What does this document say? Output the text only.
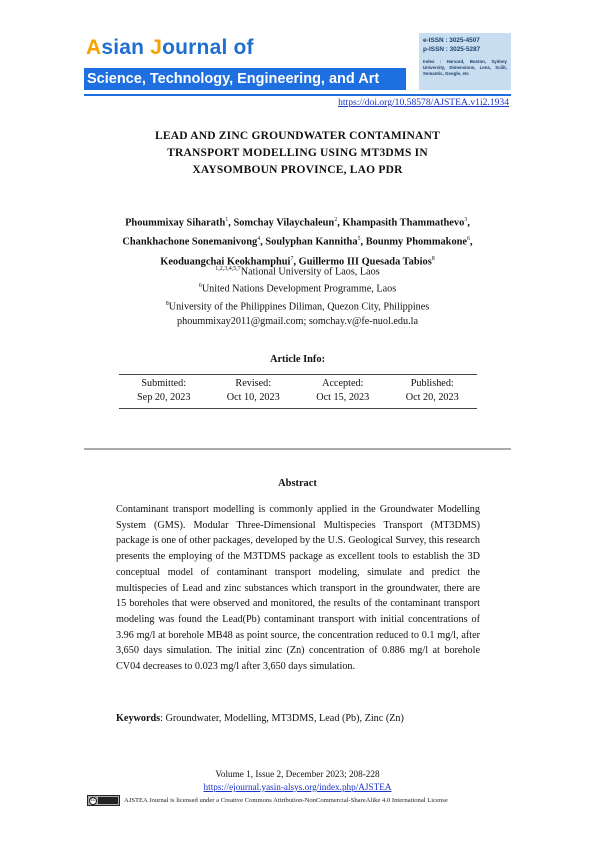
Asian Journal of
Science, Technology, Engineering, and Art
e-ISSN : 3025-4507
p-ISSN : 3025-5287
Index : Harvard, Boston, Sydney University, Dimensions, Lens, Scilit, Semantic, Google, etc
https://doi.org/10.58578/AJSTEA.v1i2.1934
LEAD AND ZINC GROUNDWATER CONTAMINANT
TRANSPORT MODELLING USING MT3DMS IN
XAYSOMBOUN PROVINCE, LAO PDR
Phoummixay Siharath$^1$, Somchay Vilaychaleun$^2$, Khampasith Thammathevo$^3$,
Chankhachone Sonemanivong$^4$, Soulyphan Kannitha$^5$, Bounmy Phommakone$^6$,
Keoduangchai Keokhamphui$^7$, Guillermo III Quesada Tabios$^8$
$^{1,2,3,4,5,7}$National University of Laos, Laos
$^6$United Nations Development Programme, Laos
$^8$University of the Philippines Diliman, Quezon City, Philippines
phoummixay2011@gmail.com; somchay.v@fe-nuol.edu.la
Article Info:
Submitted:
Sep 20, 2023
Revised:
Oct 10, 2023
Accepted:
Oct 15, 2023
Published:
Oct 20, 2023
Abstract
Contaminant transport modelling is commonly applied in the Groundwater Modelling System (GMS). Modular Three-Dimensional Multispecies Transport (MT3DMS) package is one of other packages, developed by the U.S. Geological Survey, this research presents the employing of the M3TDMS package as excellent tools to establish the 3D conceptual model of contaminant transport modeling, simulate and predict the multispecies of Lead and zinc substances which transport in the groundwater, there are 15 boreholes that were observed and monitored, the results of the contaminant transport modeling was found the Lead(Pb) contaminant transport with initial concentrations of 3.96 mg/l at borehole MB48 as point source, the concentration reduced to 0.1 mg/l, after 3,650 days simulation. The initial zinc (Zn) concentration of 0.886 mg/l at borehole CV04 decreases to 0.023 mg/l after 3,650 days simulation.
Keywords: Groundwater, Modelling, MT3DMS, Lead (Pb), Zinc (Zn)
Volume 1, Issue 2, December 2023; 208-228
https://ejournal.yasin-alsys.org/index.php/AJSTEA
cc	AJSTEA Journal is licensed under a Creative Commons Attribution-NonCommercial-ShareAlike 4.0 International License
